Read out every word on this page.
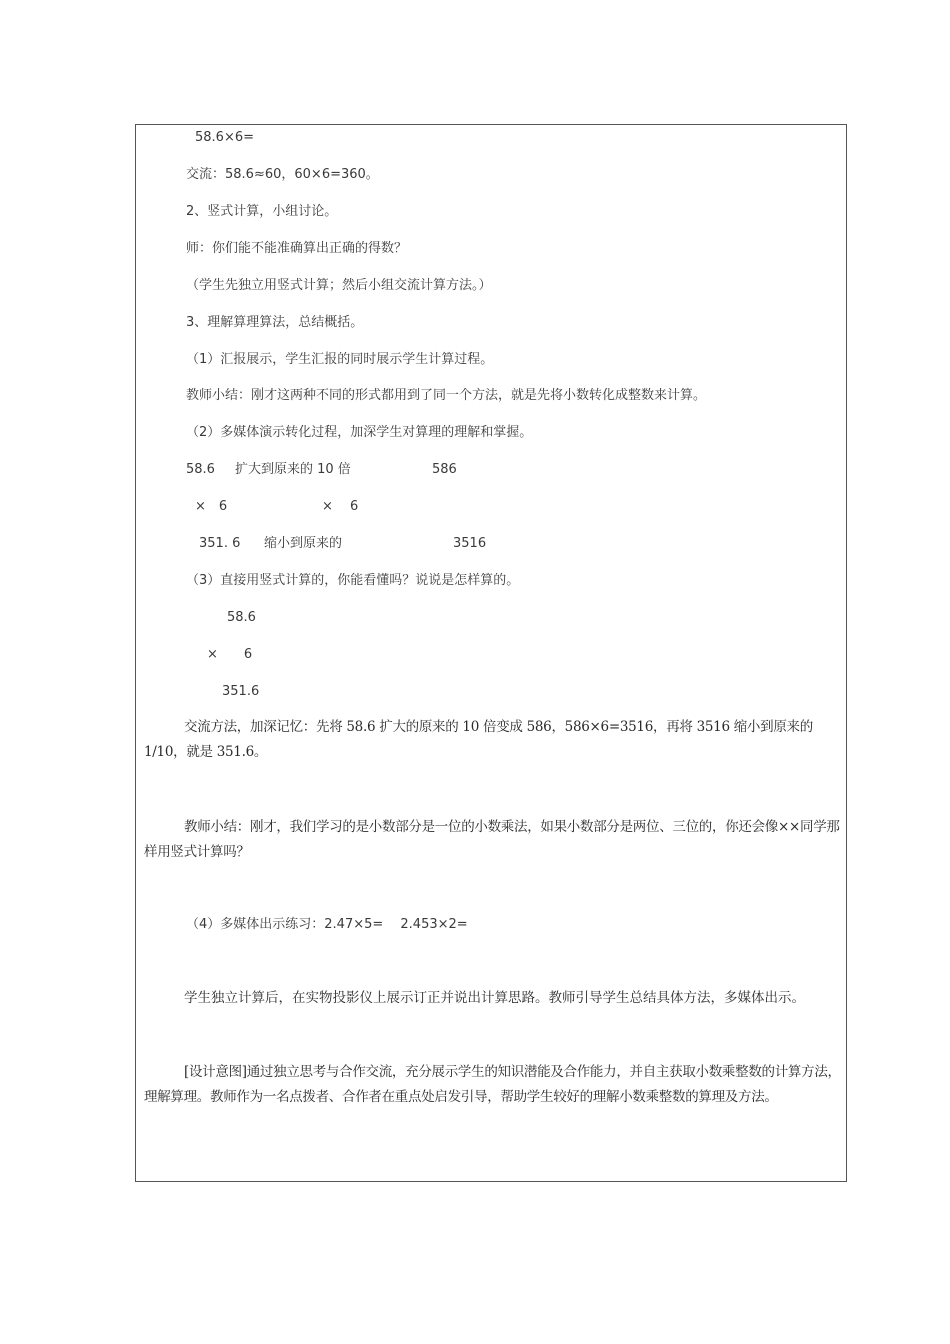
58.6×6=
交流：58.6≈60，60×6=360。
2、竖式计算，小组讨论。
师：你们能不能准确算出正确的得数？
（学生先独立用竖式计算；然后小组交流计算方法。）
3、理解算理算法，总结概括。
（1）汇报展示，学生汇报的同时展示学生计算过程。
教师小结：刚才这两种不同的形式都用到了同一个方法，就是先将小数转化成整数来计算。
（2）多媒体演示转化过程，加深学生对算理的理解和掌握。
58.6 扩大到原来的 10 倍	586
×　6	×　 6
351. 6 缩小到原来的	3516
（3）直接用竖式计算的，你能看懂吗？说说是怎样算的。
58.6
×　　6
351.6
交流方法，加深记忆：先将 58.6 扩大的原来的 10 倍变成 586，586×6=3516，再将 3516 缩小到原来的 1/10，就是 351.6。
教师小结：刚才，我们学习的是小数部分是一位的小数乘法，如果小数部分是两位、三位的，你还会像××同学那样用竖式计算吗？
（4）多媒体出示练习：2.47×5=　 2.453×2=
学生独立计算后，在实物投影仪上展示订正并说出计算思路。教师引导学生总结具体方法，多媒体出示。
[设计意图]通过独立思考与合作交流，充分展示学生的知识潜能及合作能力，并自主获取小数乘整数的计算方法，理解算理。教师作为一名点拨者、合作者在重点处启发引导，帮助学生较好的理解小数乘整数的算理及方法。
